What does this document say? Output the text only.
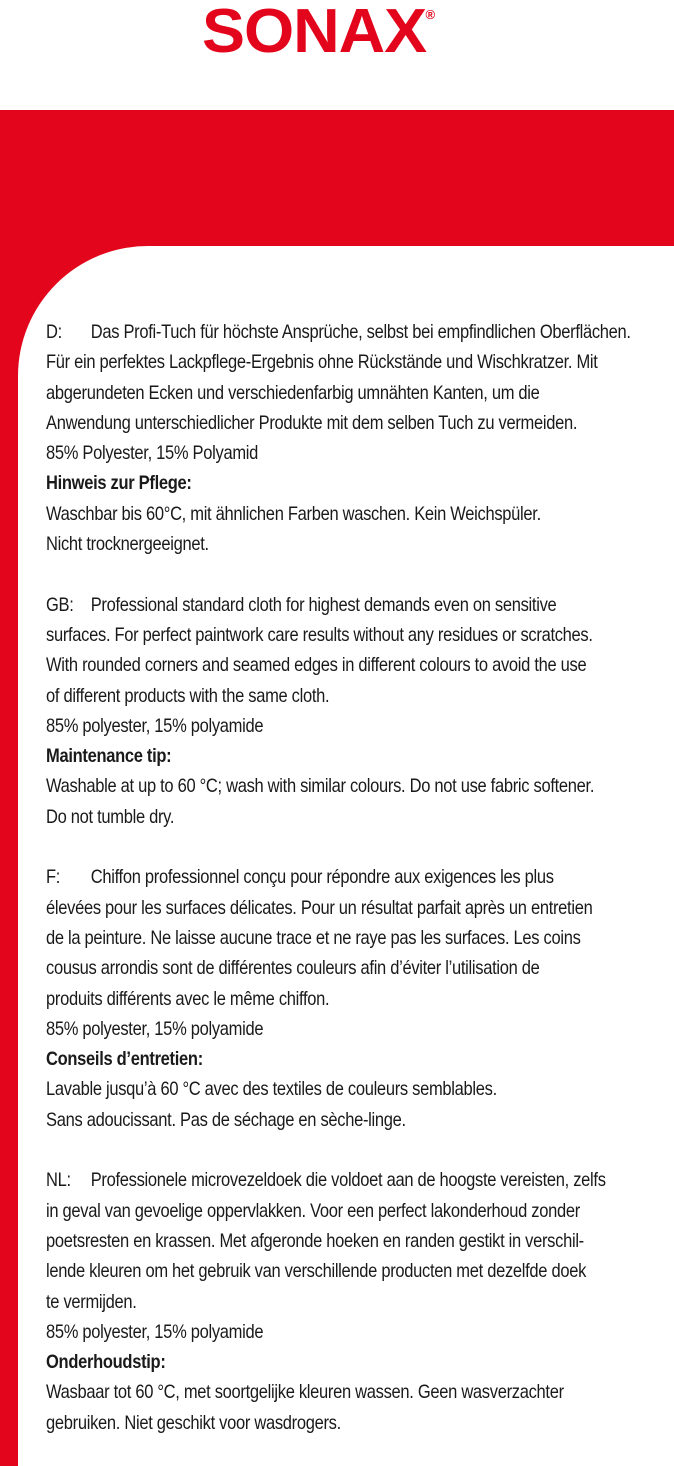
SONAX ®
D: Das Profi-Tuch für höchste Ansprüche, selbst bei empfindlichen Oberflächen.
Für ein perfektes Lackpflege-Ergebnis ohne Rückstände und Wischkratzer. Mit
abgerundeten Ecken und verschiedenfarbig umnähten Kanten, um die
Anwendung unterschiedlicher Produkte mit dem selben Tuch zu vermeiden.
85% Polyester, 15% Polyamid
Hinweis zur Pflege:
Waschbar bis 60°C, mit ähnlichen Farben waschen. Kein Weichspüler.
Nicht trocknergeeignet.
GB: Professional standard cloth for highest demands even on sensitive
surfaces. For perfect paintwork care results without any residues or scratches.
With rounded corners and seamed edges in different colours to avoid the use
of different products with the same cloth.
85% polyester, 15% polyamide
Maintenance tip:
Washable at up to 60 °C; wash with similar colours. Do not use fabric softener.
Do not tumble dry.
F: Chiffon professionnel conçu pour répondre aux exigences les plus
élevées pour les surfaces délicates. Pour un résultat parfait après un entretien
de la peinture. Ne laisse aucune trace et ne raye pas les surfaces. Les coins
cousus arrondis sont de différentes couleurs afin d’éviter l’utilisation de
produits différents avec le même chiffon.
85% polyester, 15% polyamide
Conseils d’entretien:
Lavable jusqu’à 60 °C avec des textiles de couleurs semblables.
Sans adoucissant. Pas de séchage en sèche-linge.
NL: Professionele microvezeldoek die voldoet aan de hoogste vereisten, zelfs
in geval van gevoelige oppervlakken. Voor een perfect lakonderhoud zonder
poetsresten en krassen. Met afgeronde hoeken en randen gestikt in verschil-
lende kleuren om het gebruik van verschillende producten met dezelfde doek
te vermijden.
85% polyester, 15% polyamide
Onderhoudstip:
Wasbaar tot 60 °C, met soortgelijke kleuren wassen. Geen wasverzachter
gebruiken. Niet geschikt voor wasdrogers.
